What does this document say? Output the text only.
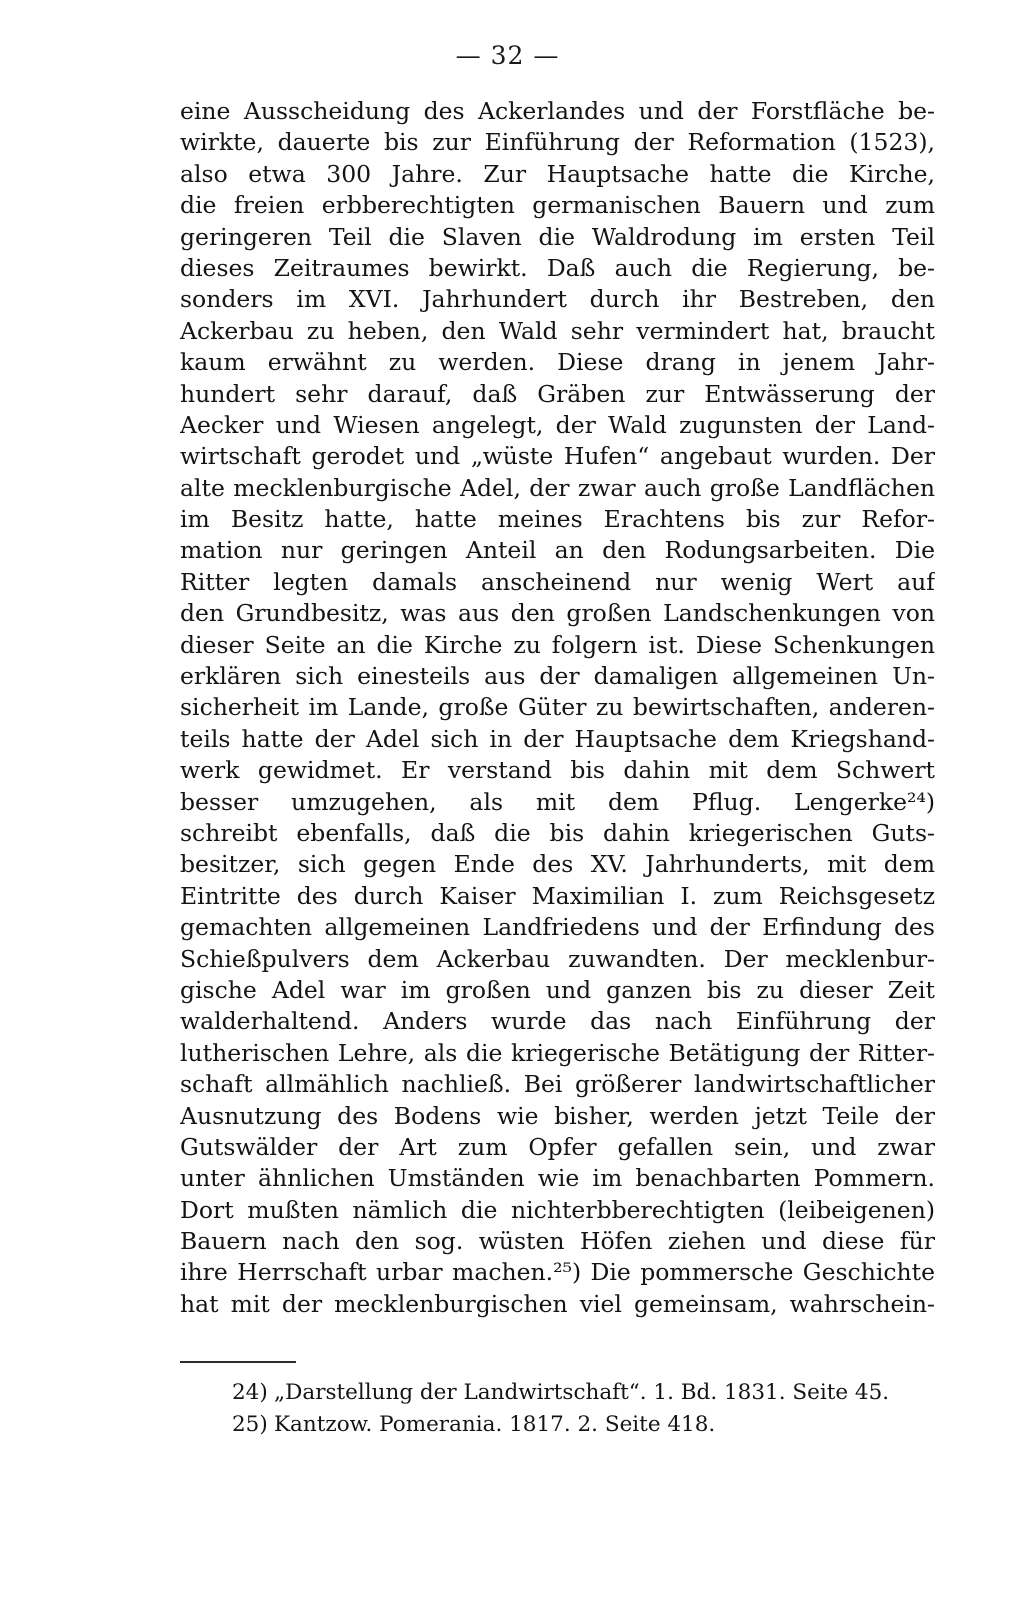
— 32 —
eine Ausscheidung des Ackerlandes und der Forstfläche be-
wirkte, dauerte bis zur Einführung der Reformation (1523),
also etwa 300 Jahre. Zur Hauptsache hatte die Kirche,
die freien erbberechtigten germanischen Bauern und zum
geringeren Teil die Slaven die Waldrodung im ersten Teil
dieses Zeitraumes bewirkt. Daß auch die Regierung, be-
sonders im XVI. Jahrhundert durch ihr Bestreben, den
Ackerbau zu heben, den Wald sehr vermindert hat, braucht
kaum erwähnt zu werden. Diese drang in jenem Jahr-
hundert sehr darauf, daß Gräben zur Entwässerung der
Aecker und Wiesen angelegt, der Wald zugunsten der Land-
wirtschaft gerodet und „wüste Hufen“ angebaut wurden. Der
alte mecklenburgische Adel, der zwar auch große Landflächen
im Besitz hatte, hatte meines Erachtens bis zur Refor-
mation nur geringen Anteil an den Rodungsarbeiten. Die
Ritter legten damals anscheinend nur wenig Wert auf
den Grundbesitz, was aus den großen Landschenkungen von
dieser Seite an die Kirche zu folgern ist. Diese Schenkungen
erklären sich einesteils aus der damaligen allgemeinen Un-
sicherheit im Lande, große Güter zu bewirtschaften, anderen-
teils hatte der Adel sich in der Hauptsache dem Kriegshand-
werk gewidmet. Er verstand bis dahin mit dem Schwert
besser umzugehen, als mit dem Pflug. Lengerke²⁴)
schreibt ebenfalls, daß die bis dahin kriegerischen Guts-
besitzer, sich gegen Ende des XV. Jahrhunderts, mit dem
Eintritte des durch Kaiser Maximilian I. zum Reichsgesetz
gemachten allgemeinen Landfriedens und der Erfindung des
Schießpulvers dem Ackerbau zuwandten. Der mecklenbur-
gische Adel war im großen und ganzen bis zu dieser Zeit
walderhaltend. Anders wurde das nach Einführung der
lutherischen Lehre, als die kriegerische Betätigung der Ritter-
schaft allmählich nachließ. Bei größerer landwirtschaftlicher
Ausnutzung des Bodens wie bisher, werden jetzt Teile der
Gutswälder der Art zum Opfer gefallen sein, und zwar
unter ähnlichen Umständen wie im benachbarten Pommern.
Dort mußten nämlich die nichterbberechtigten (leibeigenen)
Bauern nach den sog. wüsten Höfen ziehen und diese für
ihre Herrschaft urbar machen.²⁵) Die pommersche Geschichte
hat mit der mecklenburgischen viel gemeinsam, wahrschein-
24) „Darstellung der Landwirtschaft“. 1. Bd. 1831. Seite 45.
25) Kantzow. Pomerania. 1817. 2. Seite 418.
